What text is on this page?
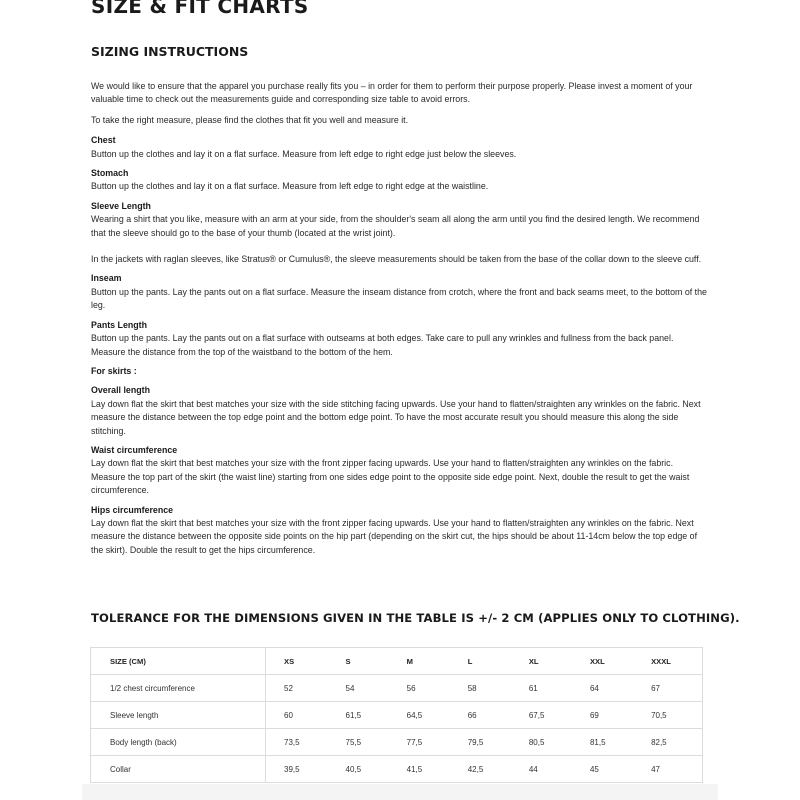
SIZE & FIT CHARTS
SIZING INSTRUCTIONS

We would like to ensure that the apparel you purchase really fits you – in order for them to perform their purpose properly. Please invest a moment of your valuable time to check out the measurements guide and corresponding size table to avoid errors.

To take the right measure, please find the clothes that fit you well and measure it.

Chest
Button up the clothes and lay it on a flat surface. Measure from left edge to right edge just below the sleeves.
Stomach
Button up the clothes and lay it on a flat surface. Measure from left edge to right edge at the waistline.
Sleeve Length
Wearing a shirt that you like, measure with an arm at your side, from the shoulder's seam all along the arm until you find the desired length. We recommend that the sleeve should go to the base of your thumb (located at the wrist joint).
In the jackets with raglan sleeves, like Stratus® or Cumulus®, the sleeve measurements should be taken from the base of the collar down to the sleeve cuff.
Inseam
Button up the pants. Lay the pants out on a flat surface. Measure the inseam distance from crotch, where the front and back seams meet, to the bottom of the leg.
Pants Length
Button up the pants. Lay the pants out on a flat surface with outseams at both edges. Take care to pull any wrinkles and fullness from the back panel. Measure the distance from the top of the waistband to the bottom of the hem.
For skirts :
Overall length
Lay down flat the skirt that best matches your size with the side stitching facing upwards. Use your hand to flatten/straighten any wrinkles on the fabric. Next measure the distance between the top edge point and the bottom edge point. To have the most accurate result you should measure this along the side stitching.
Waist circumference
Lay down flat the skirt that best matches your size with the front zipper facing upwards. Use your hand to flatten/straighten any wrinkles on the fabric. Measure the top part of the skirt (the waist line) starting from one sides edge point to the opposite side edge point. Next, double the result to get the waist circumference.
Hips circumference
Lay down flat the skirt that best matches your size with the front zipper facing upwards. Use your hand to flatten/straighten any wrinkles on the fabric. Next measure the distance between the opposite side points on the hip part (depending on the skirt cut, the hips should be about 11-14cm below the top edge of the skirt). Double the result to get the hips circumference.
TOLERANCE FOR THE DIMENSIONS GIVEN IN THE TABLE IS +/- 2 CM (APPLIES ONLY TO CLOTHING).
SIZE (CM)	XS	S	M	L	XL	XXL	XXXL
1/2 chest circumference	52	54	56	58	61	64	67
Sleeve length	60	61,5	64,5	66	67,5	69	70,5
Body length (back)	73,5	75,5	77,5	79,5	80,5	81,5	82,5
Collar	39,5	40,5	41,5	42,5	44	45	47
